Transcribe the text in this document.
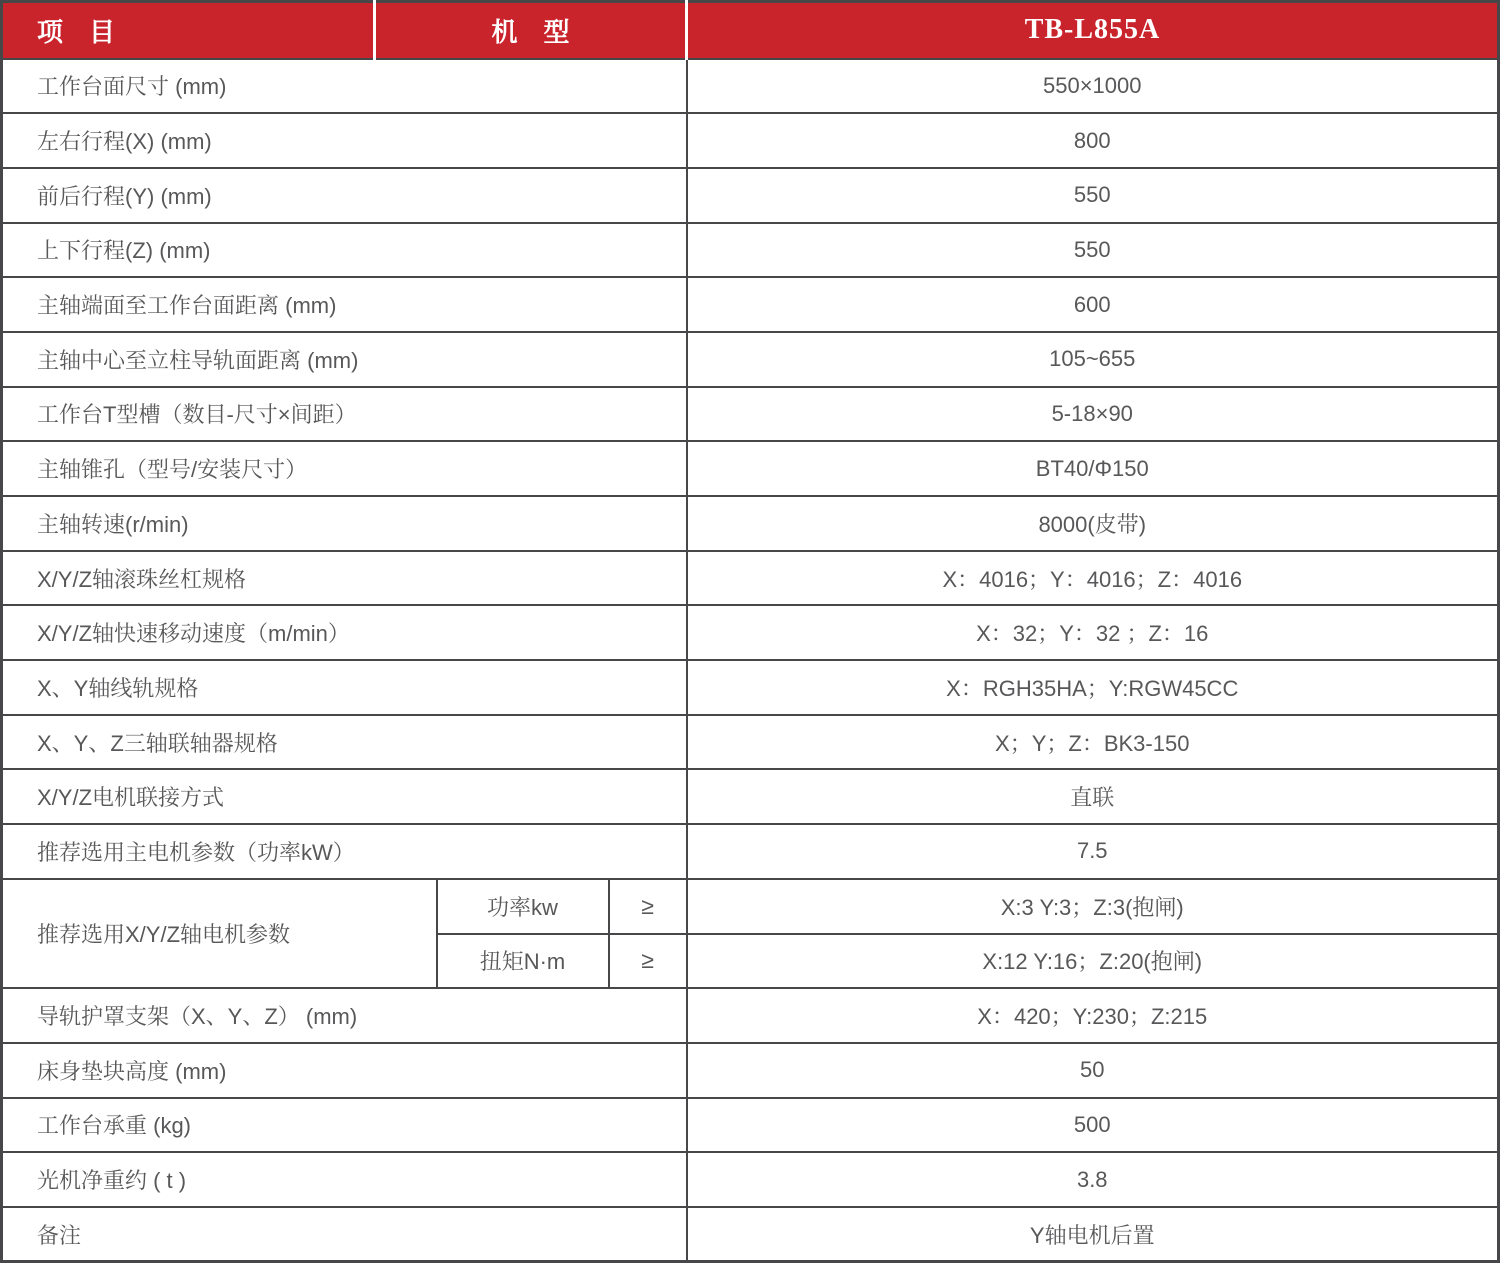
项　目	机　型			TB-L855A
工作台面尺寸 (mm)				550×1000
左右行程(X) (mm)				800
前后行程(Y) (mm)				550
上下行程(Z) (mm)				550
主轴端面至工作台面距离 (mm)				600
主轴中心至立柱导轨面距离 (mm)				105~655
工作台T型槽（数目-尺寸×间距）				5-18×90
主轴锥孔（型号/安装尺寸）				BT40/Φ150
主轴转速(r/min)				8000(皮带)
X/Y/Z轴滚珠丝杠规格				X：4016；Y：4016；Z：4016
X/Y/Z轴快速移动速度（m/min）				X：32；Y：32 ；Z：16
X、Y轴线轨规格				X：RGH35HA；Y:RGW45CC
X、Y、Z三轴联轴器规格				X；Y；Z：BK3-150
X/Y/Z电机联接方式				直联
推荐选用主电机参数（功率kW）				7.5
推荐选用X/Y/Z轴电机参数		功率kw	≥	X:3 Y:3；Z:3(抱闸)
		扭矩N·m	≥	X:12 Y:16；Z:20(抱闸)
导轨护罩支架（X、Y、Z） (mm)				X：420；Y:230；Z:215
床身垫块高度 (mm)				50
工作台承重 (kg)				500
光机净重约 ( t )				3.8
备注				Y轴电机后置
